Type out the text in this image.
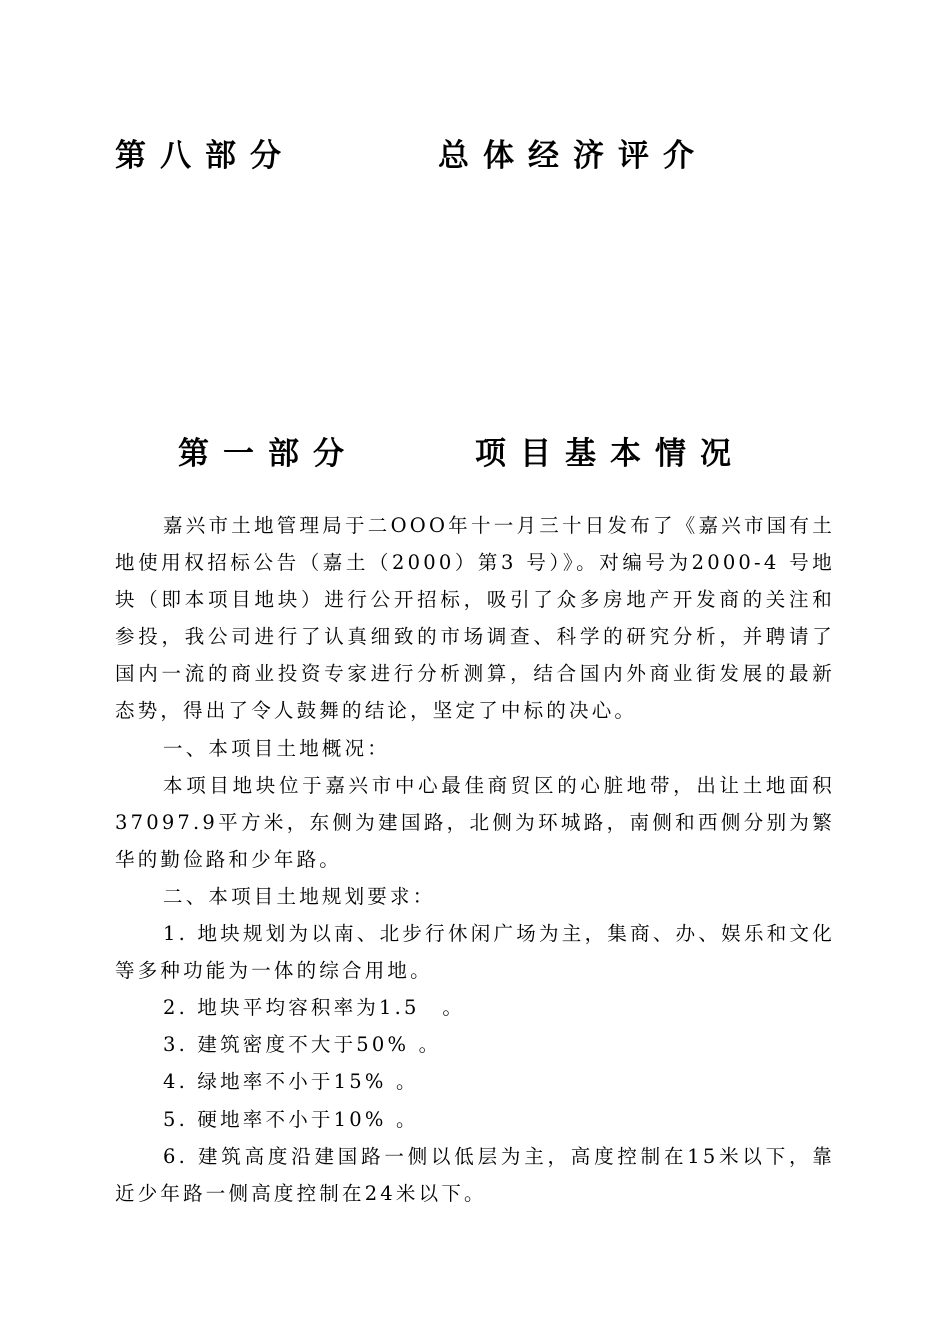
第八部分	总体经济评介
第一部分	项目基本情况

嘉兴市土地管理局于二OOO年十一月三十日发布了《嘉兴市国有土地使用权招标公告（嘉土（2000）第3 号）》。对编号为2000-4 号地块（即本项目地块）进行公开招标，吸引了众多房地产开发商的关注和参投，我公司进行了认真细致的市场调查、科学的研究分析，并聘请了国内一流的商业投资专家进行分析测算，结合国内外商业街发展的最新态势，得出了令人鼓舞的结论，坚定了中标的决心。

一、本项目土地概况：

本项目地块位于嘉兴市中心最佳商贸区的心脏地带，出让土地面积37097.9平方米，东侧为建国路，北侧为环城路，南侧和西侧分别为繁华的勤俭路和少年路。

二、本项目土地规划要求：

1. 地块规划为以南、北步行休闲广场为主，集商、办、娱乐和文化等多种功能为一体的综合用地。

2. 地块平均容积率为1.5　。

3. 建筑密度不大于50% 。

4. 绿地率不小于15% 。

5. 硬地率不小于10% 。

6. 建筑高度沿建国路一侧以低层为主，高度控制在15米以下，靠近少年路一侧高度控制在24米以下。
